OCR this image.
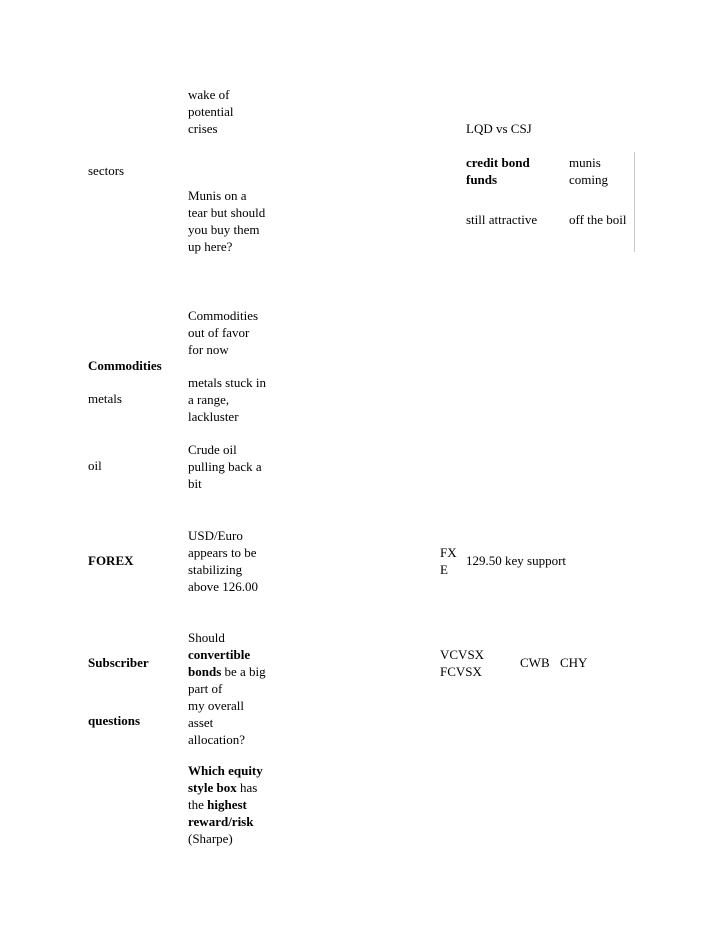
wake of
potential
crises	LQD vs CSJ
sectors
credit bond
funds
munis
coming
Munis on a
tear but should
you buy them
up here?
still attractive off the boil
Commodities
out of favor
for now
Commodities
metals
metals stuck in
a range,
lackluster
Crude oil
pulling back a
bit
oil
USD/Euro
appears to be
stabilizing
above 126.00
FOREX
FX
E
129.50 key support
Should
convertible
bonds be a big
part of
my overall
asset
allocation?
Subscriber
VCVSX
FCVSX
CWB CHY
questions
Which equity
style box has
the highest
reward/risk
(Sharpe)
